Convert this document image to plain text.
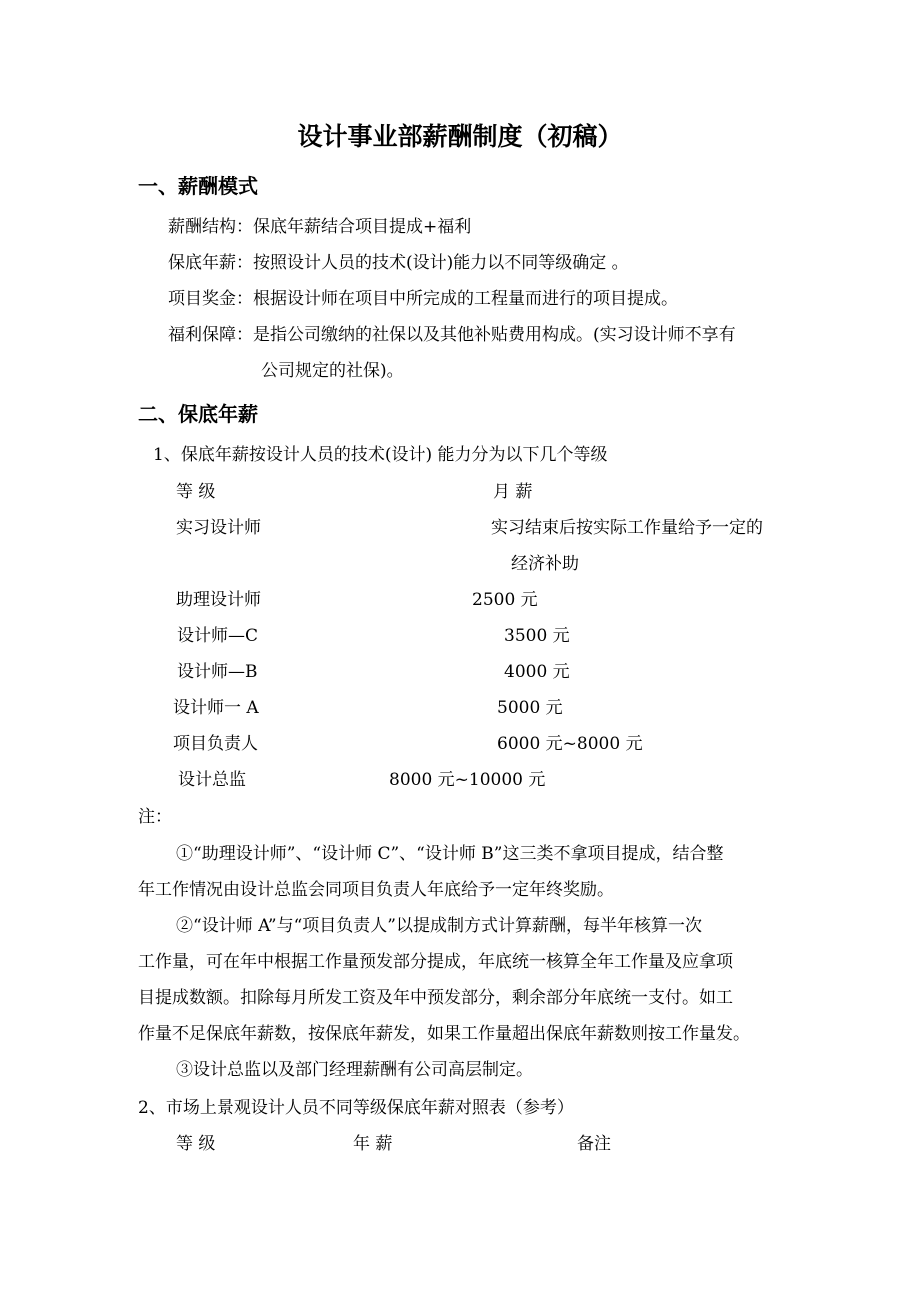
设计事业部薪酬制度（初稿）
一、薪酬模式
薪酬结构：保底年薪结合项目提成+福利
保底年薪：按照设计人员的技术(设计)能力以不同等级确定 。
项目奖金：根据设计师在项目中所完成的工程量而进行的项目提成。
福利保障：是指公司缴纳的社保以及其他补贴费用构成。(实习设计师不享有
公司规定的社保)。
二、保底年薪
1、保底年薪按设计人员的技术(设计) 能力分为以下几个等级
等 级	月 薪
实习设计师	实习结束后按实际工作量给予一定的
经济补助
助理设计师	2500 元
设计师—C	3500 元
设计师—B	4000 元
设计师一 A	5000 元
项目负责人	6000 元~8000 元
设计总监	8000 元~10000 元
注：
①“助理设计师”、“设计师 C”、“设计师 B”这三类不拿项目提成，结合整
年工作情况由设计总监会同项目负责人年底给予一定年终奖励。
②“设计师 A”与“项目负责人”以提成制方式计算薪酬，每半年核算一次
工作量，可在年中根据工作量预发部分提成，年底统一核算全年工作量及应拿项
目提成数额。扣除每月所发工资及年中预发部分，剩余部分年底统一支付。如工
作量不足保底年薪数，按保底年薪发，如果工作量超出保底年薪数则按工作量发。
③设计总监以及部门经理薪酬有公司高层制定。
2、市场上景观设计人员不同等级保底年薪对照表（参考）
等 级	年 薪	备注
